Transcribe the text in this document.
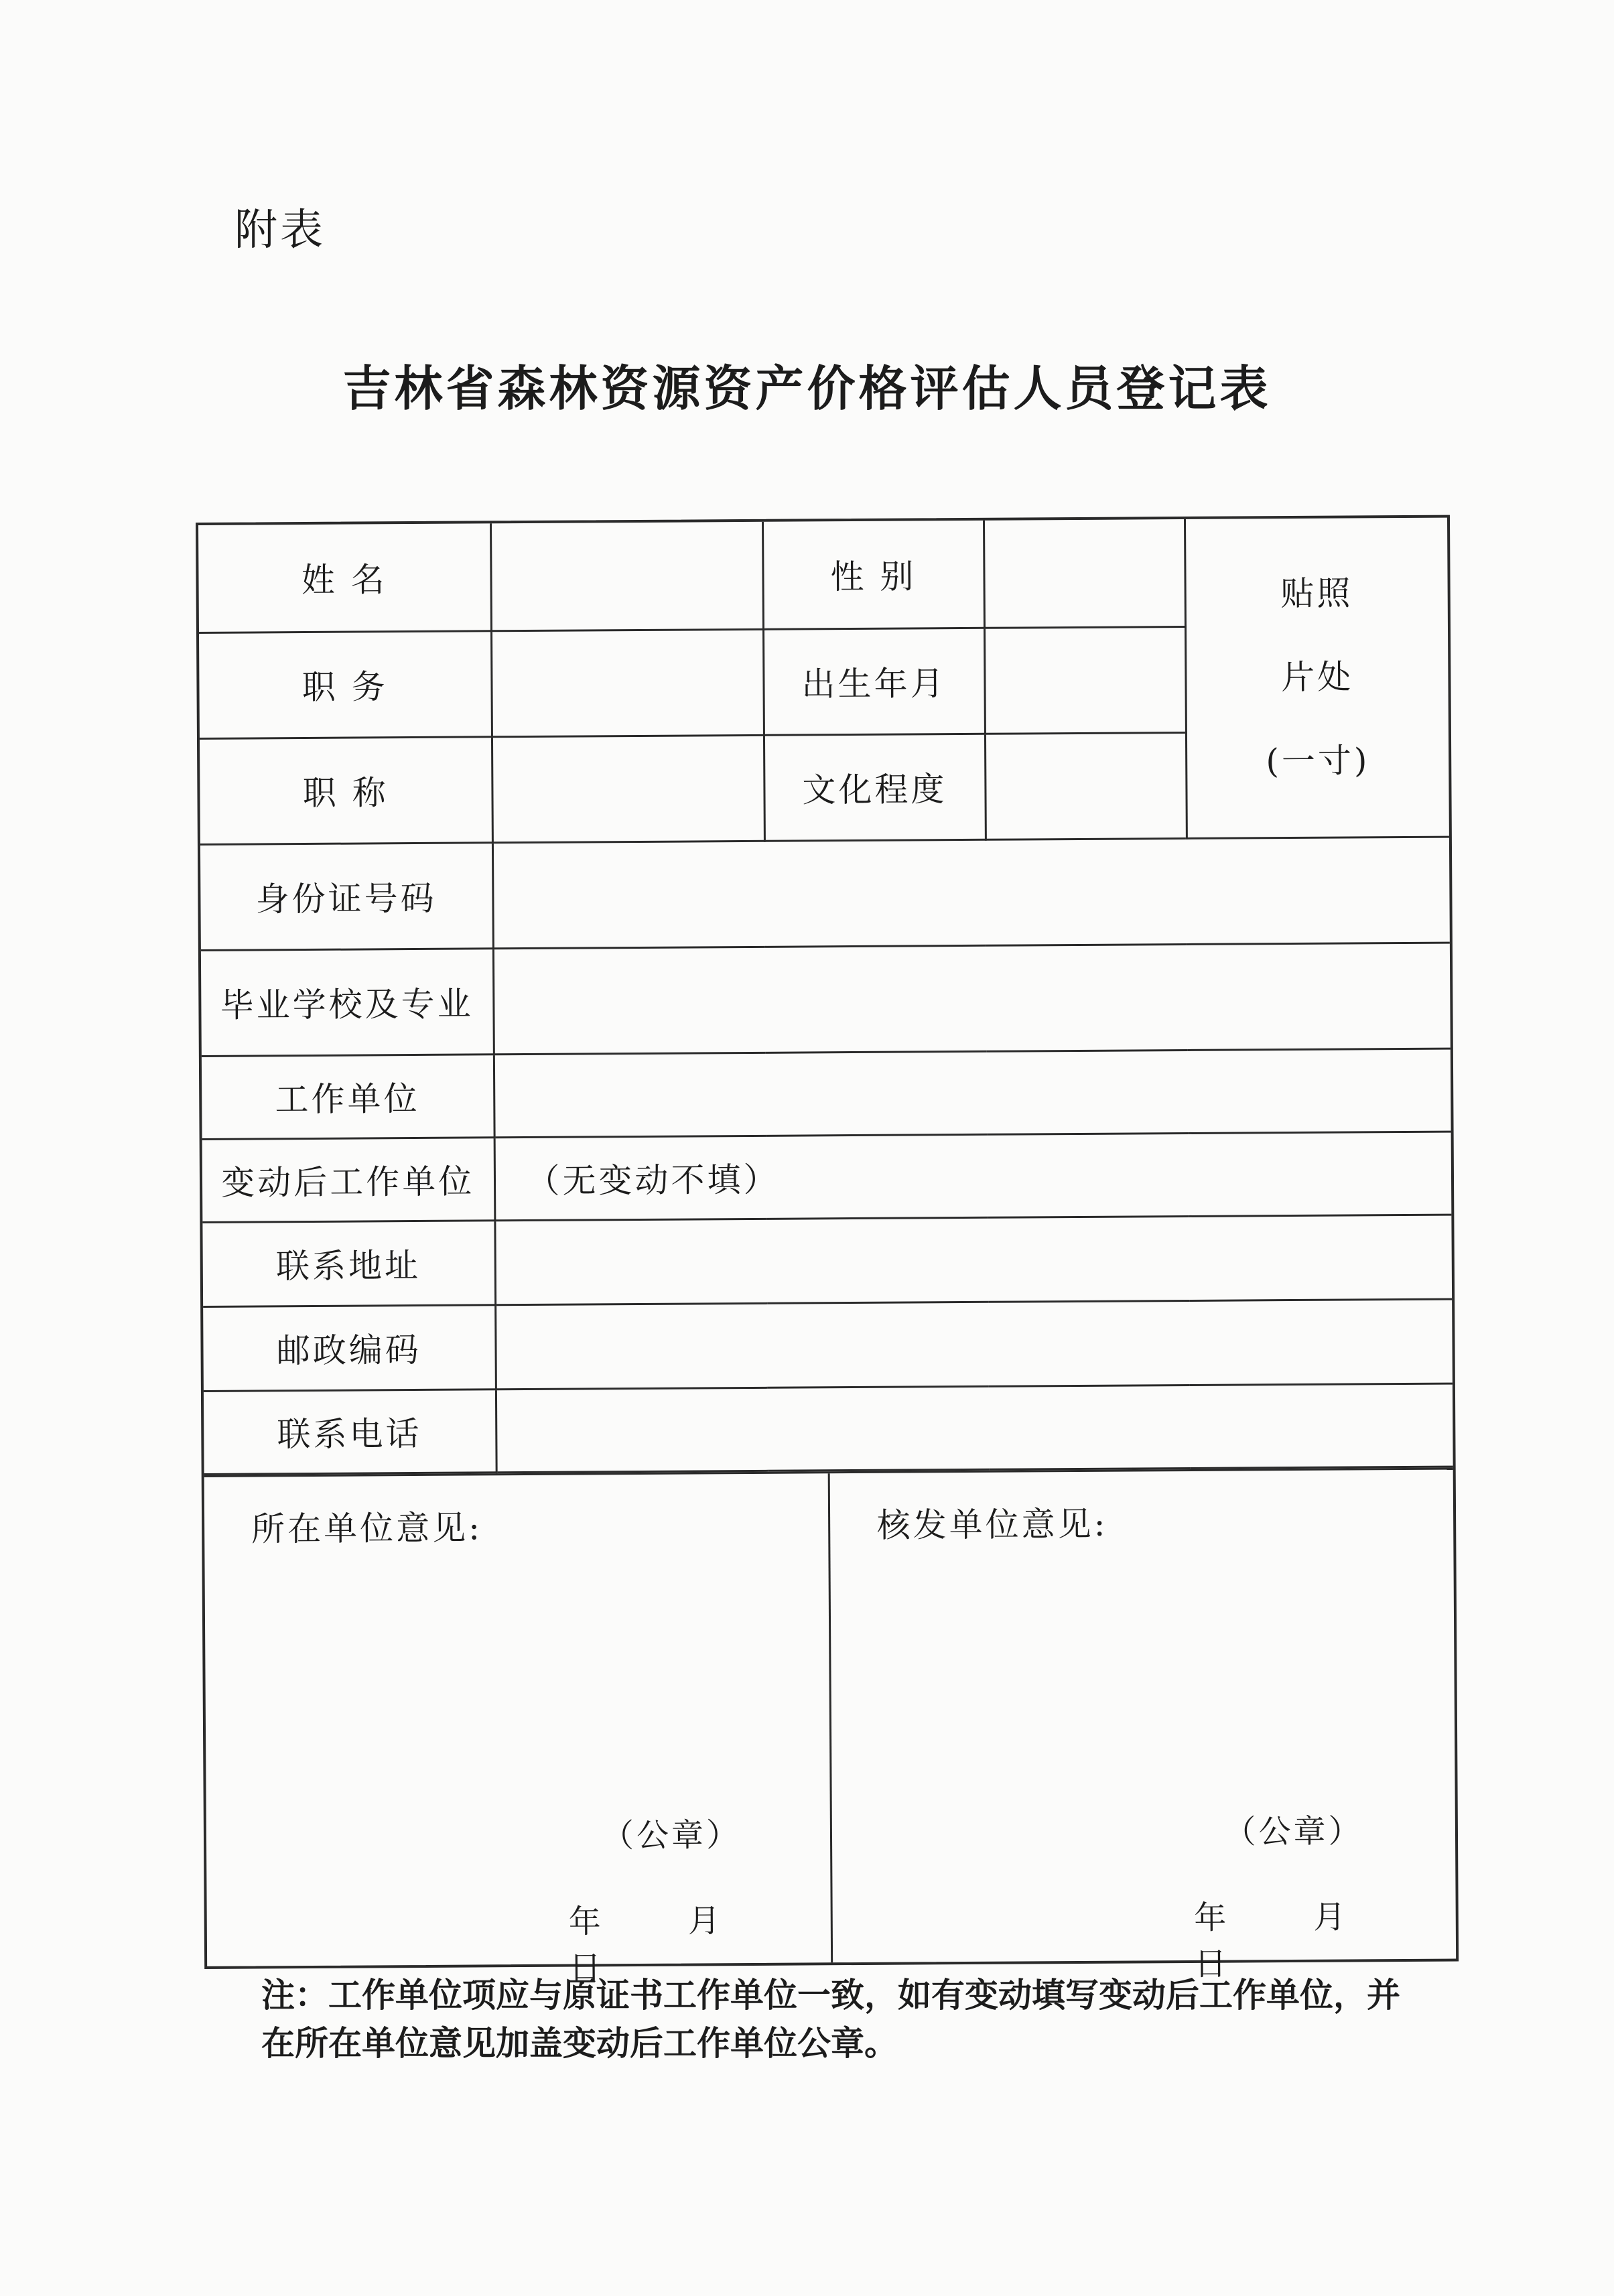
附表
吉林省森林资源资产价格评估人员登记表
姓 名		性 别		贴照
片处
(一寸)

职 务		出生年月		
职 称		文化程度		
身份证号码				
毕业学校及专业				
工作单位				
变动后工作单位	（无变动不填）			
联系地址				
邮政编码				
联系电话				
所在单位意见:
（公章）
年	月日
核发单位意见:
（公章）
年	月日
注：工作单位项应与原证书工作单位一致，如有变动填写变动后工作单位，并
在所在单位意见加盖变动后工作单位公章。
